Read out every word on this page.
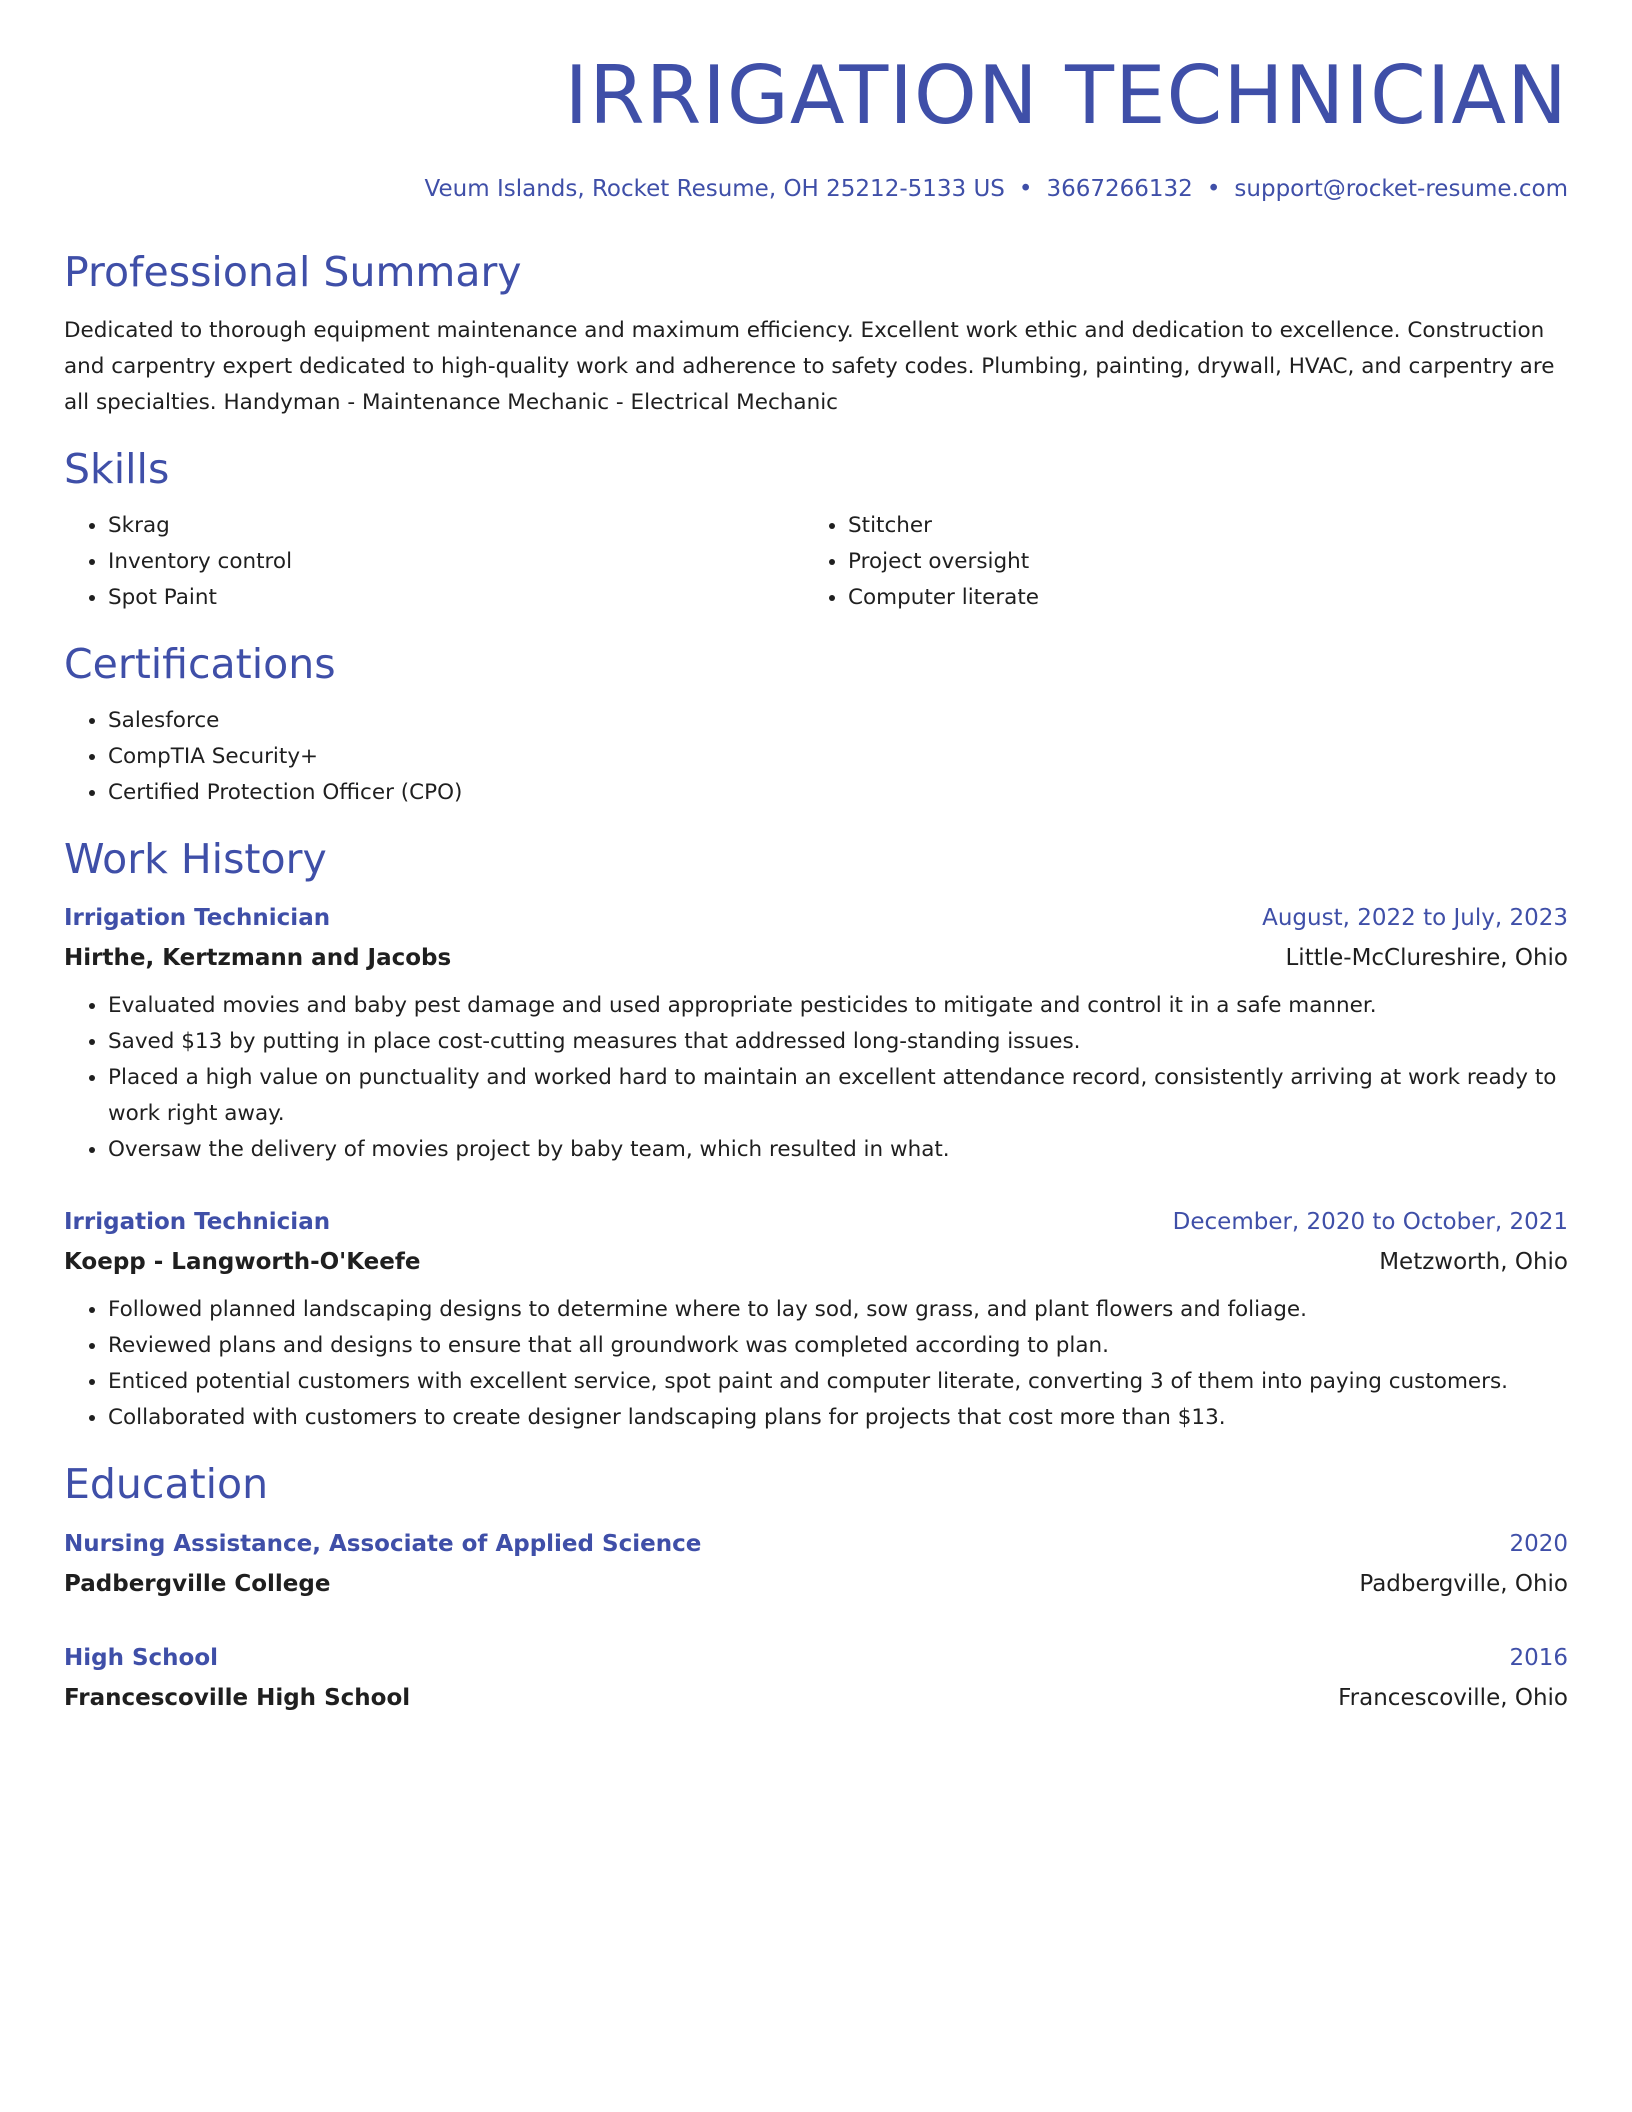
IRRIGATION TECHNICIAN
Veum Islands, Rocket Resume, OH 25212-5133 US • 3667266132 • support@rocket-resume.com
Professional Summary

Dedicated to thorough equipment maintenance and maximum efficiency. Excellent work ethic and dedication to excellence. Construction and carpentry expert dedicated to high-quality work and adherence to safety codes. Plumbing, painting, drywall, HVAC, and carpentry are all specialties. Handyman - Maintenance Mechanic - Electrical Mechanic

Skills
• Skrag
• Inventory control
• Spot Paint
• Stitcher
• Project oversight
• Computer literate
Certifications
• Salesforce
• CompTIA Security+
• Certified Protection Officer (CPO)
Work History
Irrigation Technician	August, 2022 to July, 2023
Hirthe, Kertzmann and Jacobs	Little-McClureshire, Ohio
• Evaluated movies and baby pest damage and used appropriate pesticides to mitigate and control it in a safe manner.
• Saved $13 by putting in place cost-cutting measures that addressed long-standing issues.
• Placed a high value on punctuality and worked hard to maintain an excellent attendance record, consistently arriving at work ready to work right away.
• Oversaw the delivery of movies project by baby team, which resulted in what.
Irrigation Technician	December, 2020 to October, 2021
Koepp - Langworth-O'Keefe	Metzworth, Ohio
• Followed planned landscaping designs to determine where to lay sod, sow grass, and plant flowers and foliage.
• Reviewed plans and designs to ensure that all groundwork was completed according to plan.
• Enticed potential customers with excellent service, spot paint and computer literate, converting 3 of them into paying customers.
• Collaborated with customers to create designer landscaping plans for projects that cost more than $13.
Education
Nursing Assistance, Associate of Applied Science	2020
Padbergville College	Padbergville, Ohio
High School	2016
Francescoville High School	Francescoville, Ohio
